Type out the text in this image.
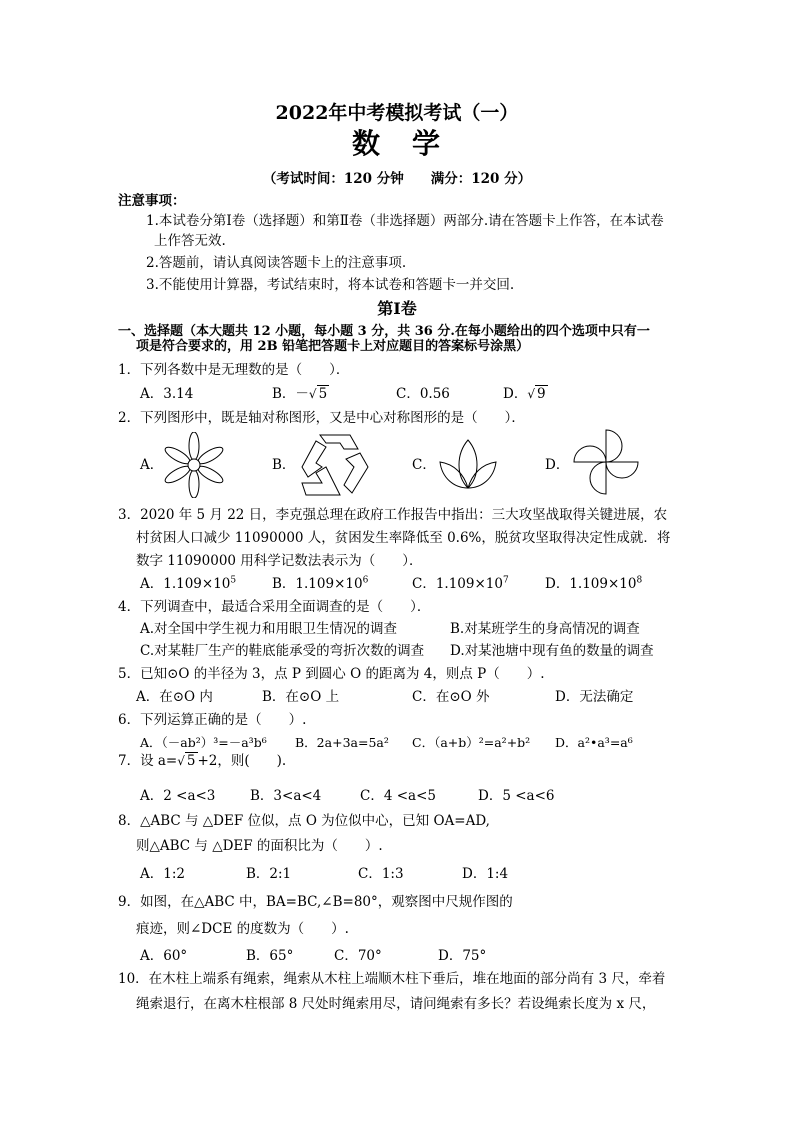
2022年中考模拟考试（一）
数　学
（考试时间：120 分钟　　满分：120 分）
注意事项：
1.本试卷分第Ⅰ卷（选择题）和第Ⅱ卷（非选择题）两部分.请在答题卡上作答，在本试卷
上作答无效.
2.答题前，请认真阅读答题卡上的注意事项.
3.不能使用计算器，考试结束时，将本试卷和答题卡一并交回.
第Ⅰ卷
一、选择题（本大题共 12 小题，每小题 3 分，共 36 分.在每小题给出的四个选项中只有一
项是符合要求的，用 2B 铅笔把答题卡上对应题目的答案标号涂黑）
1．下列各数中是无理数的是（　　）．
A．3.14	B．－√ 5	C．0.56	D．√ 9
2．下列图形中，既是轴对称图形，又是中心对称图形的是（　　）．
A．	B．	C．	D．
3．2020 年 5 月 22 日，李克强总理在政府工作报告中指出：三大攻坚战取得关键进展，农
村贫困人口减少 11090000 人，贫困发生率降低至 0.6%，脱贫攻坚取得决定性成就．将
数字 11090000 用科学记数法表示为（　　）．
A．$1.109\times 10^5$	B．$1.109\times 10^6$	C．$1.109\times 10^7$	D．$1.109\times 10^8$
4．下列调查中，最适合采用全面调查的是（　　）．
A.对全国中学生视力和用眼卫生情况的调查	B.对某班学生的身高情况的调查
C.对某鞋厂生产的鞋底能承受的弯折次数的调查 D.对某池塘中现有鱼的数量的调查
5．已知⊙O 的半径为 3，点 P 到圆心 O 的距离为 4，则点 P（　　）.
A．在⊙O 内	B．在⊙O 上	C．在⊙O 外	D．无法确定
6．下列运算正确的是（　　）.
A．（－ab²）³=－a³b⁶ B．2a+3a=5a² C．（a+b）²=a²+b² D．a²•a³=a⁶
7．设 a=√ 5 +2，则(　　).
A．2 <a<3	B．3<a<4	C．4 <a<5	D．5 <a<6
8．△ABC 与 △DEF 位似，点 O 为位似中心，已知 OA=AD,
则△ABC 与 △DEF 的面积比为（　　）.
A．1:2	B．2:1	C．1:3	D．1:4
9．如图，在△ABC 中，BA=BC,∠B=80°，观察图中尺规作图的
痕迹，则∠DCE 的度数为（　　）.
A．60°	B．65°	C．70°	D．75°
10．在木柱上端系有绳索，绳索从木柱上端顺木柱下垂后，堆在地面的部分尚有 3 尺，牵着
绳索退行，在离木柱根部 8 尺处时绳索用尽，请问绳索有多长？若设绳索长度为 x 尺，
